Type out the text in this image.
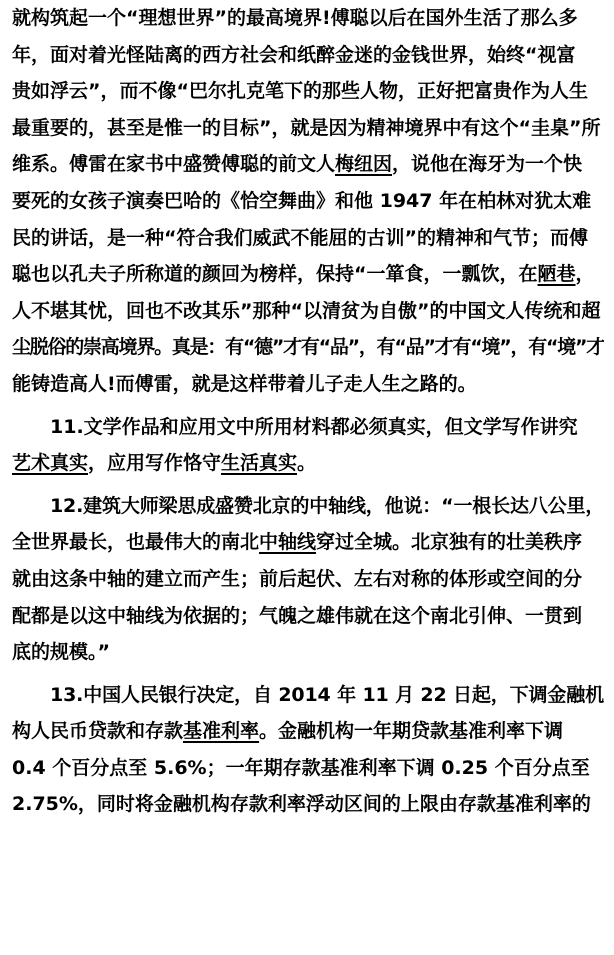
就构筑起一个“理想世界”的最高境界!傅聪以后在国外生活了那么多
年，面对着光怪陆离的西方社会和纸醉金迷的金钱世界，始终“视富
贵如浮云”，而不像“巴尔扎克笔下的那些人物，正好把富贵作为人生
最重要的，甚至是惟一的目标”，就是因为精神境界中有这个“圭臬”所
维系。傅雷在家书中盛赞傅聪的前文人梅纽因，说他在海牙为一个快
要死的女孩子演奏巴哈的《恰空舞曲》和他 1947 年在柏林对犹太难
民的讲话，是一种“符合我们威武不能屈的古训”的精神和气节；而傅
聪也以孔夫子所称道的颜回为榜样，保持“一箪食，一瓢饮，在陋巷，
人不堪其忧，回也不改其乐”那种“以清贫为自傲”的中国文人传统和超
尘脱俗的崇高境界。真是：有“德”才有“品”，有“品”才有“境”，有“境”才
能铸造高人!而傅雷，就是这样带着儿子走人生之路的。
11.文学作品和应用文中所用材料都必须真实，但文学写作讲究
艺术真实，应用写作恪守生活真实。
12.建筑大师梁思成盛赞北京的中轴线，他说：“一根长达八公里，
全世界最长，也最伟大的南北中轴线穿过全城。北京独有的壮美秩序
就由这条中轴的建立而产生；前后起伏、左右对称的体形或空间的分
配都是以这中轴线为依据的；气魄之雄伟就在这个南北引伸、一贯到
底的规模。”
13.中国人民银行决定，自 2014 年 11 月 22 日起，下调金融机
构人民币贷款和存款基准利率。金融机构一年期贷款基准利率下调
0.4 个百分点至 5.6%；一年期存款基准利率下调 0.25 个百分点至
2.75%，同时将金融机构存款利率浮动区间的上限由存款基准利率的
